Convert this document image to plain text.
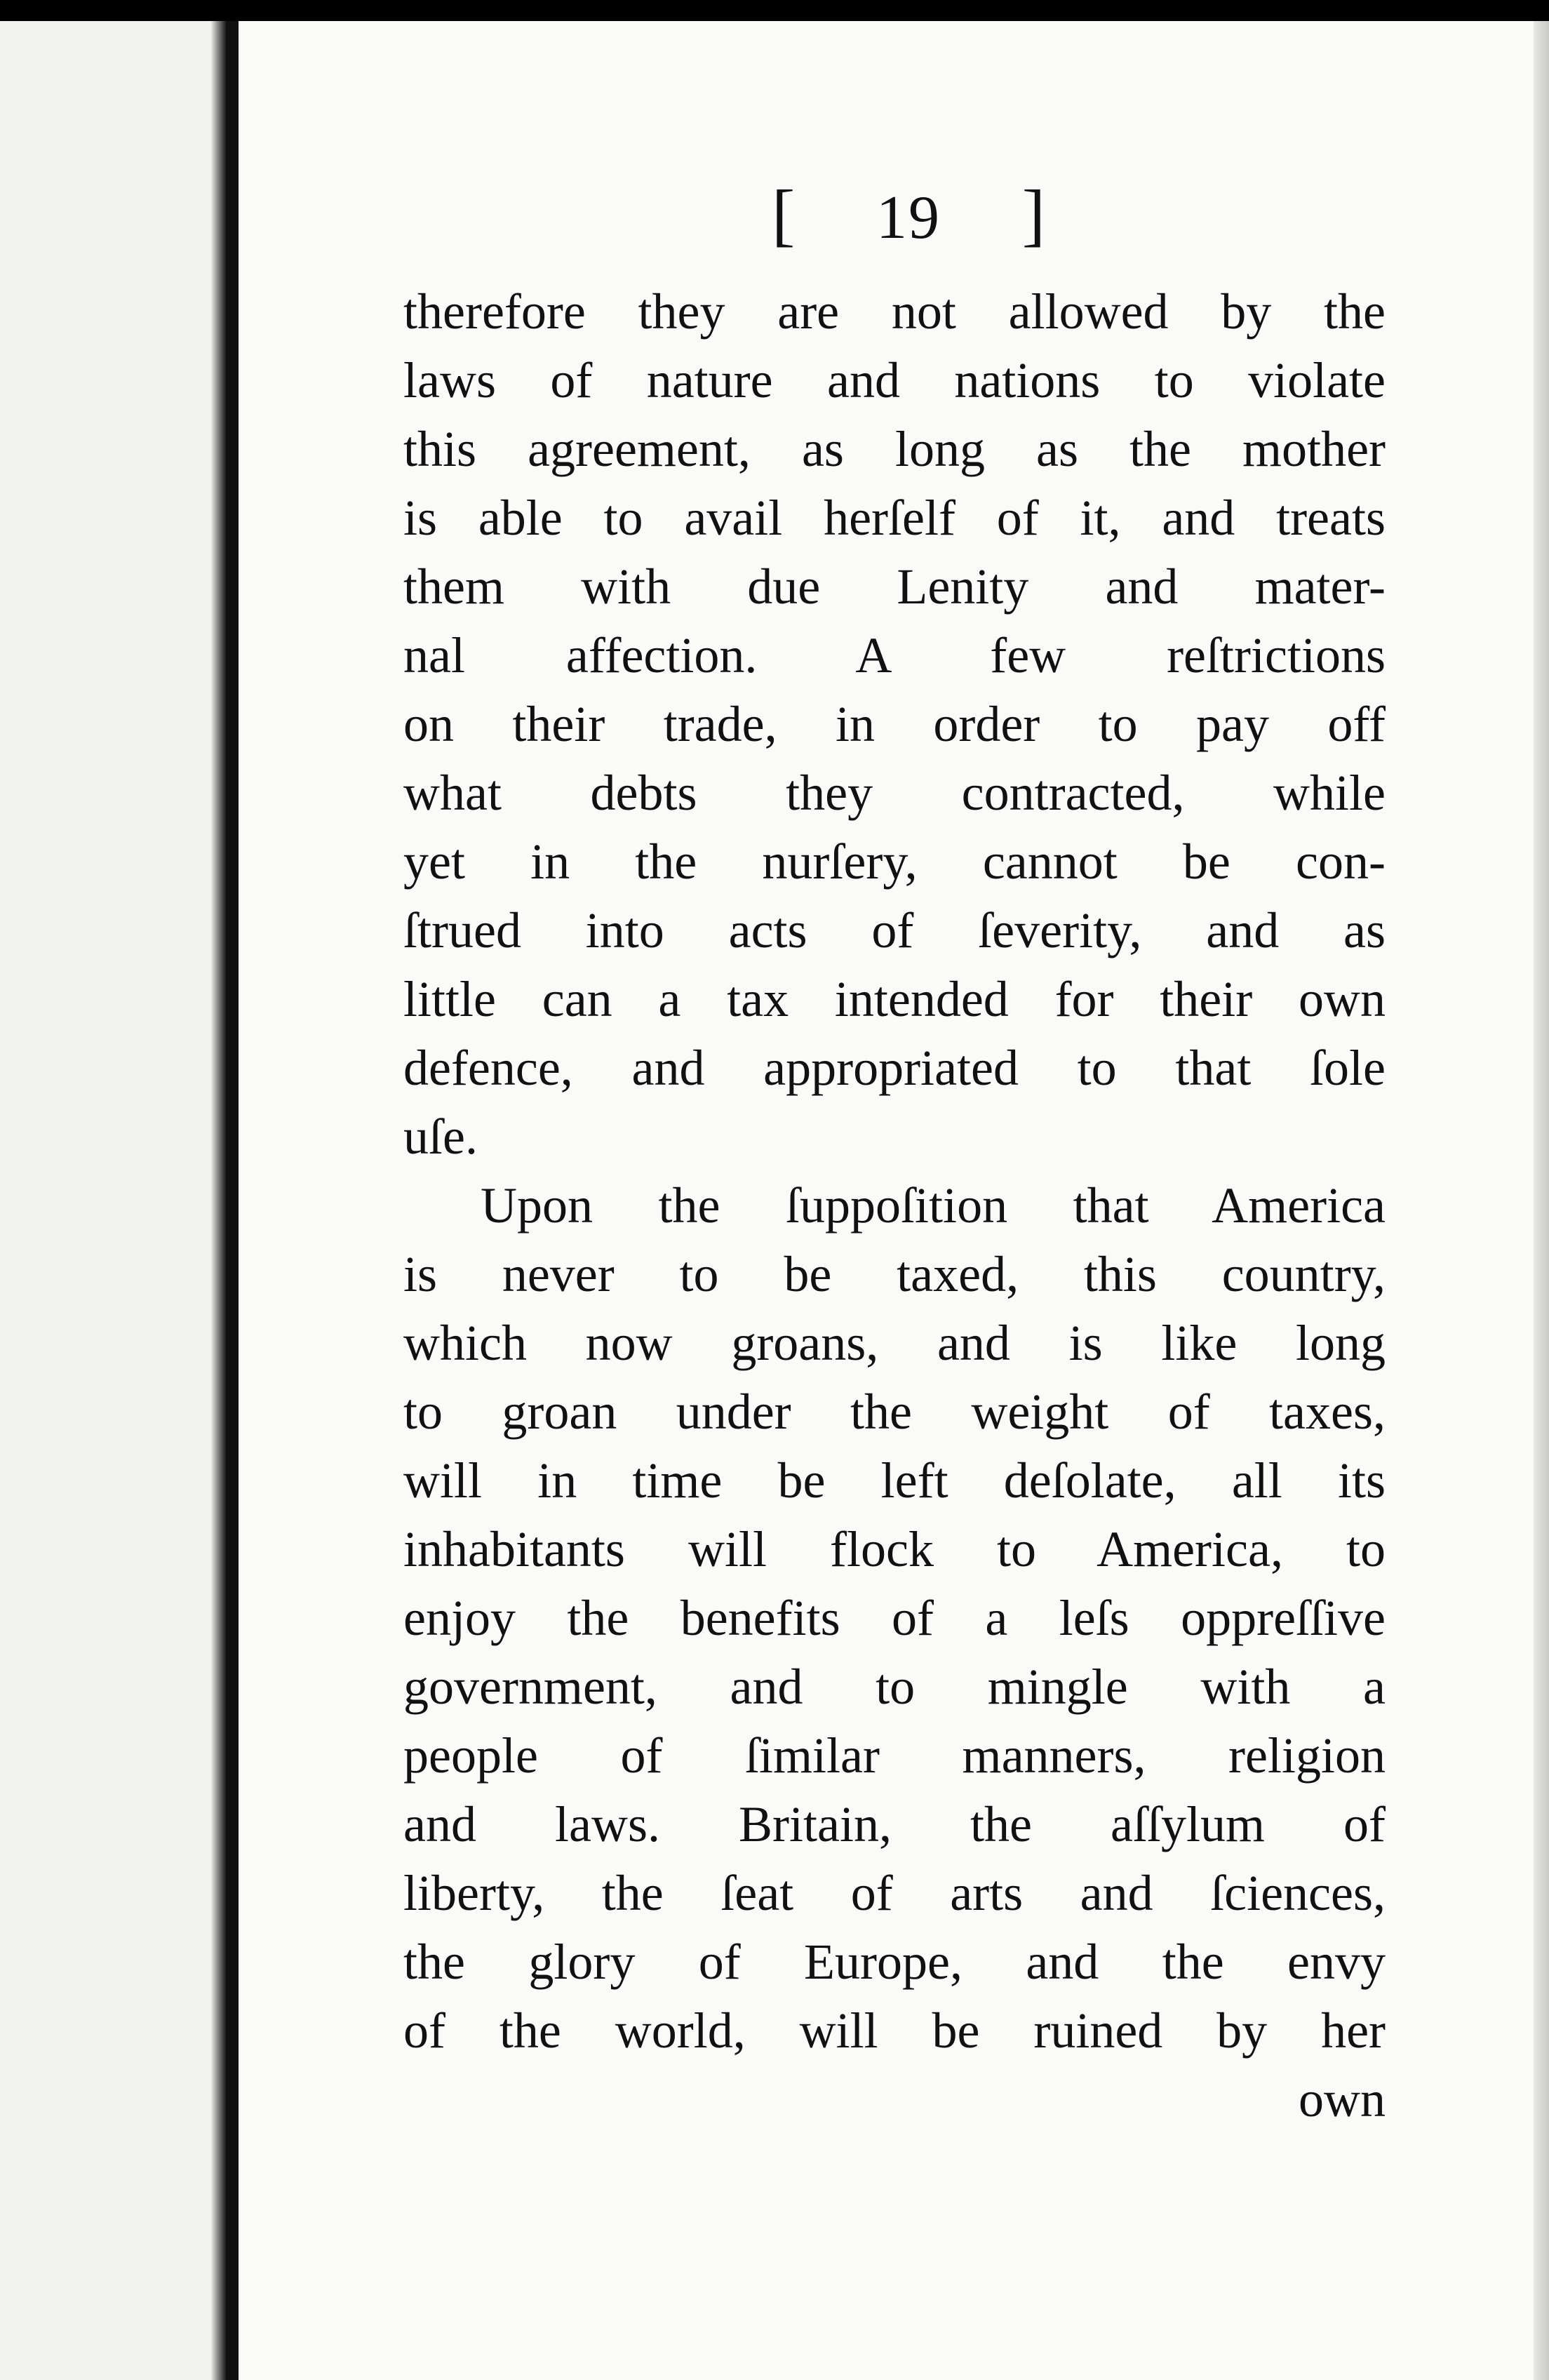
[ 19 ]
therefore they are not allowed by the
laws of nature and nations to violate
this agreement, as long as the mother
is able to avail herſelf of it, and treats
them with due Lenity and mater-
nal affection. A few reſtrictions
on their trade, in order to pay off
what debts they contracted, while
yet in the nurſery, cannot be con-
ſtrued into acts of ſeverity, and as
little can a tax intended for their own
defence, and appropriated to that ſole
uſe.
Upon the ſuppoſition that America
is never to be taxed, this country,
which now groans, and is like long
to groan under the weight of taxes,
will in time be left deſolate, all its
inhabitants will flock to America, to
enjoy the benefits of a leſs oppreſſive
government, and to mingle with a
people of ſimilar manners, religion
and laws. Britain, the aſſylum of
liberty, the ſeat of arts and ſciences,
the glory of Europe, and the envy
of the world, will be ruined by her
own
